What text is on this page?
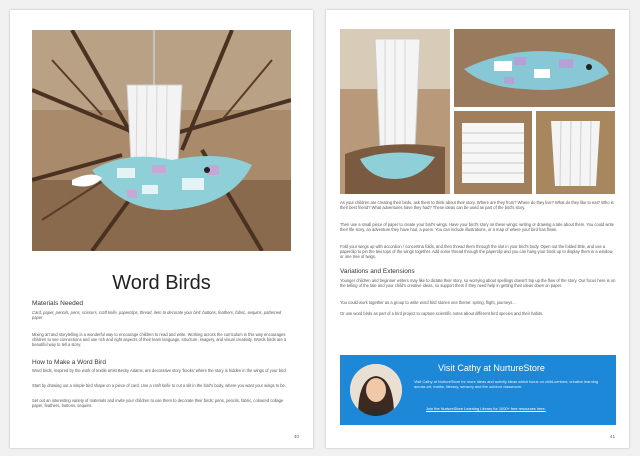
Word Birds
Materials Needed
Card, paper, pencils, pens, scissors, craft knife, paperclips, thread, item to decorate your bird: buttons, feathers, fabric, sequins, patterned paper
Mixing art and storytelling is a wonderful way to encourage children to read and write. Working across the curriculum in this way encourages children to see connections and use rich and right aspects of their learn language, structure, imagery, and visual creativity. Words birds are a beautiful way to tell a story.
How to Make a Word Bird
Word birds, inspired by the work of textile artist Becky Adams, are decorative story 'books' where the story is hidden in the wings of your bird.
Start by drawing out a simple bird shape on a piece of card. Use a craft knife to cut a slit in the bird's body, where you want your wings to be.
Set out an interesting variety of materials and invite your children to use them to decorate their birds: pens, pencils, fabric, coloured collage paper, feathers, buttons, sequins.
40
As your children are creating their birds, ask them to think about their story. Where are they from? Where do they live? What do they like to eat? Who is their best friend? What adventures have they had? These ideas can be used as part of the bird's story.
Then use a small piece of paper to create your bird's wings. Have your bird's story on these wings: writing or drawing a tale about them. You could write their life story, an adventure they have had, a poem. You can include illustrations, or a map of where your bird has flown.
Fold your wings up with accordion / concertina folds, and then thread them through the slot in your bird's body. Open out the folded little, and use a paperclip to pin the two tops of the wings together. Add some thread through the paperclip and you can hang your birds up to display them in a window, or one tree of twigs.
Variations and Extensions
Younger children and beginner writers may like to dictate their story, so worrying about spellings doesn't trip up the flow of the story. Our focus here is on the telling of the tale and your child's creative ideas, so support them if they need help in getting their ideas down on paper.
You could work together as a group to write word bird stories one theme: spring, flight, journeys...
Or use word birds as part of a bird project to capture scientific notes about different bird species and their habits.
Visit Cathy at NurtureStore
Visit Cathy at NurtureStore for more ideas and activity ideas which focus on child-centred, creative learning across art, maths, literacy, sensory and the outdoor classroom.
Join the NurtureStore Learning Library for 1000+ free resources here.
41
